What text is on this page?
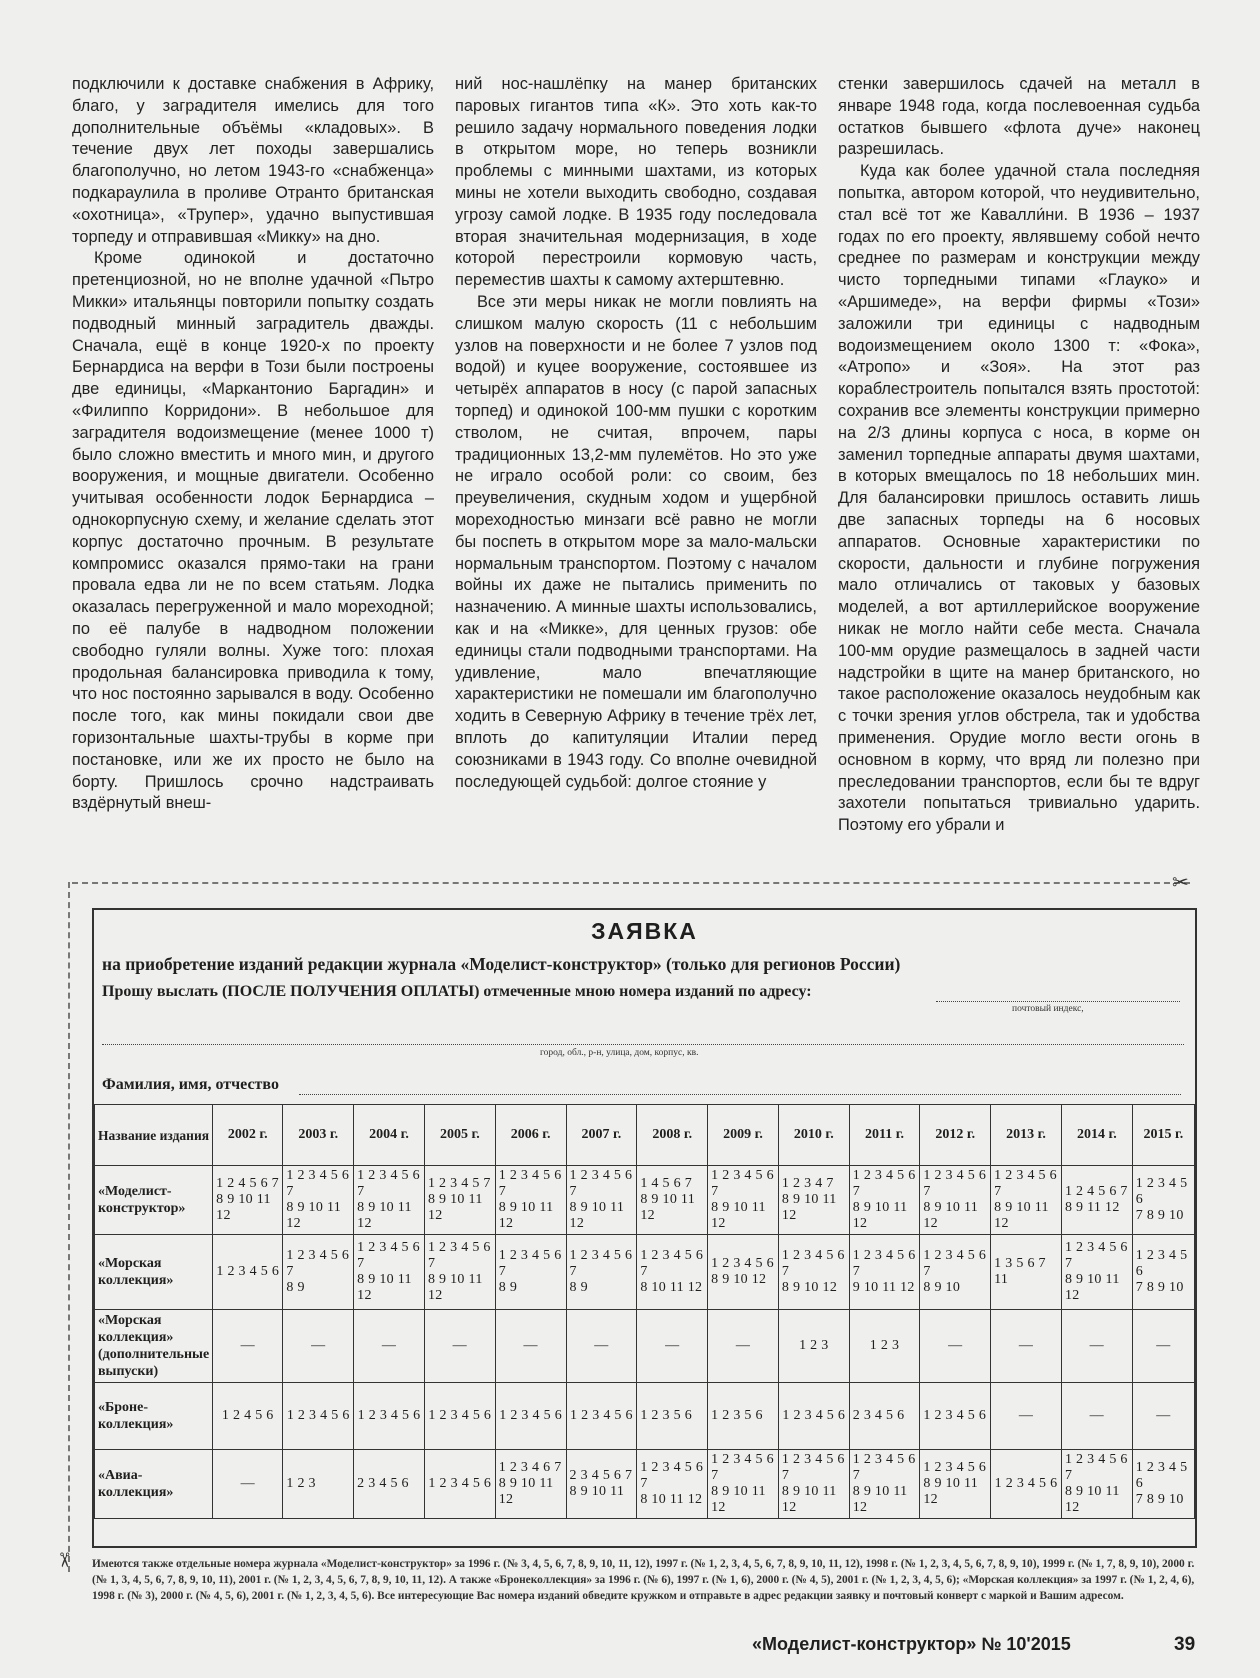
подключили к доставке снабжения в Африку, благо, у заградителя имелись для того дополнительные объёмы «кладовых». В течение двух лет походы завершались благополучно, но летом 1943-го «снабженца» подкараулила в проливе Отранто британская «охотница», «Трупер», удачно выпустившая торпеду и отправившая «Микку» на дно.

Кроме одинокой и достаточно претенциозной, но не вполне удачной «Пьтро Микки» итальянцы повторили попытку создать подводный минный заградитель дважды. Сначала, ещё в конце 1920-х по проекту Бернардиса на верфи в Този были построены две единицы, «Маркантонио Баргадин» и «Филиппо Корридони». В небольшое для заградителя водоизмещение (менее 1000 т) было сложно вместить и много мин, и другого вооружения, и мощные двигатели. Особенно учитывая особенности лодок Бернардиса – однокорпусную схему, и желание сделать этот корпус достаточно прочным. В результате компромисс оказался прямо-таки на грани провала едва ли не по всем статьям. Лодка оказалась перегруженной и мало мореходной; по её палубе в надводном положении свободно гуляли волны. Хуже того: плохая продольная балансировка приводила к тому, что нос постоянно зарывался в воду. Особенно после того, как мины покидали свои две горизонтальные шахты-трубы в корме при постановке, или же их просто не было на борту. Пришлось срочно надстраивать вздёрнутый внеш-

ний нос-нашлёпку на манер британских паровых гигантов типа «К». Это хоть как-то решило задачу нормального поведения лодки в открытом море, но теперь возникли проблемы с минными шахтами, из которых мины не хотели выходить свободно, создавая угрозу самой лодке. В 1935 году последовала вторая значительная модернизация, в ходе которой перестроили кормовую часть, переместив шахты к самому ахтерштевню.

Все эти меры никак не могли повлиять на слишком малую скорость (11 с небольшим узлов на поверхности и не более 7 узлов под водой) и куцее вооружение, состоявшее из четырёх аппаратов в носу (с парой запасных торпед) и одинокой 100-мм пушки с коротким стволом, не считая, впрочем, пары традиционных 13,2-мм пулемётов. Но это уже не играло особой роли: со своим, без преувеличения, скудным ходом и ущербной мореходностью минзаги всё равно не могли бы поспеть в открытом море за мало-мальски нормальным транспортом. Поэтому с началом войны их даже не пытались применить по назначению. А минные шахты использовались, как и на «Микке», для ценных грузов: обе единицы стали подводными транспортами. На удивление, мало впечатляющие характеристики не помешали им благополучно ходить в Северную Африку в течение трёх лет, вплоть до капитуляции Италии перед союзниками в 1943 году. Со вполне очевидной последующей судьбой: долгое стояние у

стенки завершилось сдачей на металл в январе 1948 года, когда послевоенная судьба остатков бывшего «флота дуче» наконец разрешилась.

Куда как более удачной стала последняя попытка, автором которой, что неудивительно, стал всё тот же Кавалли́ни. В 1936 – 1937 годах по его проекту, являвшему собой нечто среднее по размерам и конструкции между чисто торпедными типами «Глауко» и «Аршимеде», на верфи фирмы «Този» заложили три единицы с надводным водоизмещением около 1300 т: «Фока», «Атропо» и «Зоя». На этот раз кораблестроитель попытался взять простотой: сохранив все элементы конструкции примерно на 2/3 длины корпуса с носа, в корме он заменил торпедные аппараты двумя шахтами, в которых вмещалось по 18 небольших мин. Для балансировки пришлось оставить лишь две запасных торпеды на 6 носовых аппаратов. Основные характеристики по скорости, дальности и глубине погружения мало отличались от таковых у базовых моделей, а вот артиллерийское вооружение никак не могло найти себе места. Сначала 100-мм орудие размещалось в задней части надстройки в щите на манер британского, но такое расположение оказалось неудобным как с точки зрения углов обстрела, так и удобства применения. Орудие могло вести огонь в основном в корму, что вряд ли полезно при преследовании транспортов, если бы те вдруг захотели попытаться тривиально ударить. Поэтому его убрали и

✂
✂
ЗАЯВКА
на приобретение изданий редакции журнала «Моделист-конструктор» (только для регионов России)
Прошу выслать (ПОСЛЕ ПОЛУЧЕНИЯ ОПЛАТЫ) отмеченные мною номера изданий по адресу:
почтовый индекс,
город, обл., р-н, улица, дом, корпус, кв.
Фамилия, имя, отчество
Название издания	2002 г.	2003 г.	2004 г.	2005 г.	2006 г.	2007 г.	2008 г.	2009 г.	2010 г.	2011 г.	2012 г.	2013 г.	2014 г.	2015 г.
«Моделист-конструктор»	1 2 4 5 6 7
8 9 10 11 12	1 2 3 4 5 6 7
8 9 10 11 12	1 2 3 4 5 6 7
8 9 10 11 12	1 2 3 4 5 7
8 9 10 11 12	1 2 3 4 5 6 7
8 9 10 11 12	1 2 3 4 5 6 7
8 9 10 11 12	1 4 5 6 7
8 9 10 11 12	1 2 3 4 5 6 7
8 9 10 11 12	1 2 3 4 7
8 9 10 11 12	1 2 3 4 5 6 7
8 9 10 11 12	1 2 3 4 5 6 7
8 9 10 11 12	1 2 3 4 5 6 7
8 9 10 11 12	1 2 4 5 6 7
8 9 11 12	1 2 3 4 5 6
7 8 9 10
«Морская коллекция»	1 2 3 4 5 6	1 2 3 4 5 6 7
8 9	1 2 3 4 5 6 7
8 9 10 11 12	1 2 3 4 5 6 7
8 9 10 11 12	1 2 3 4 5 6 7
8 9	1 2 3 4 5 6 7
8 9	1 2 3 4 5 6 7
8 10 11 12	1 2 3 4 5 6
8 9 10 12	1 2 3 4 5 6 7
8 9 10 12	1 2 3 4 5 6 7
9 10 11 12	1 2 3 4 5 6 7
8 9 10	1 3 5 6 7
11	1 2 3 4 5 6 7
8 9 10 11 12	1 2 3 4 5 6
7 8 9 10
«Морская коллекция» (дополнительные выпуски)	—	—	—	—	—	—	—	—	1 2 3	1 2 3	—	—	—	—
«Броне-коллекция»	1 2 4 5 6	1 2 3 4 5 6	1 2 3 4 5 6	1 2 3 4 5 6	1 2 3 4 5 6	1 2 3 4 5 6	1 2 3 5 6	1 2 3 5 6	1 2 3 4 5 6	2 3 4 5 6	1 2 3 4 5 6	—	—	—
«Авиа-коллекция»	—	1 2 3	2 3 4 5 6	1 2 3 4 5 6	1 2 3 4 6 7
8 9 10 11 12	2 3 4 5 6 7
8 9 10 11	1 2 3 4 5 6 7
8 10 11 12	1 2 3 4 5 6 7
8 9 10 11 12	1 2 3 4 5 6 7
8 9 10 11 12	1 2 3 4 5 6 7
8 9 10 11 12	1 2 3 4 5 6
8 9 10 11 12	1 2 3 4 5 6	1 2 3 4 5 6 7
8 9 10 11 12	1 2 3 4 5 6
7 8 9 10
Имеются также отдельные номера журнала «Моделист-конструктор» за 1996 г. (№ 3, 4, 5, 6, 7, 8, 9, 10, 11, 12), 1997 г. (№ 1, 2, 3, 4, 5, 6, 7, 8, 9, 10, 11, 12), 1998 г. (№ 1, 2, 3, 4, 5, 6, 7, 8, 9, 10), 1999 г. (№ 1, 7, 8, 9, 10), 2000 г. (№ 1, 3, 4, 5, 6, 7, 8, 9, 10, 11), 2001 г. (№ 1, 2, 3, 4, 5, 6, 7, 8, 9, 10, 11, 12). А также «Бронеколлекция» за 1996 г. (№ 6), 1997 г. (№ 1, 6), 2000 г. (№ 4, 5), 2001 г. (№ 1, 2, 3, 4, 5, 6); «Морская коллекция» за 1997 г. (№ 1, 2, 4, 6), 1998 г. (№ 3), 2000 г. (№ 4, 5, 6), 2001 г. (№ 1, 2, 3, 4, 5, 6). Все интересующие Вас номера изданий обведите кружком и отправьте в адрес редакции заявку и почтовый конверт с маркой и Вашим адресом.
«Моделист-конструктор» № 10'2015	39
